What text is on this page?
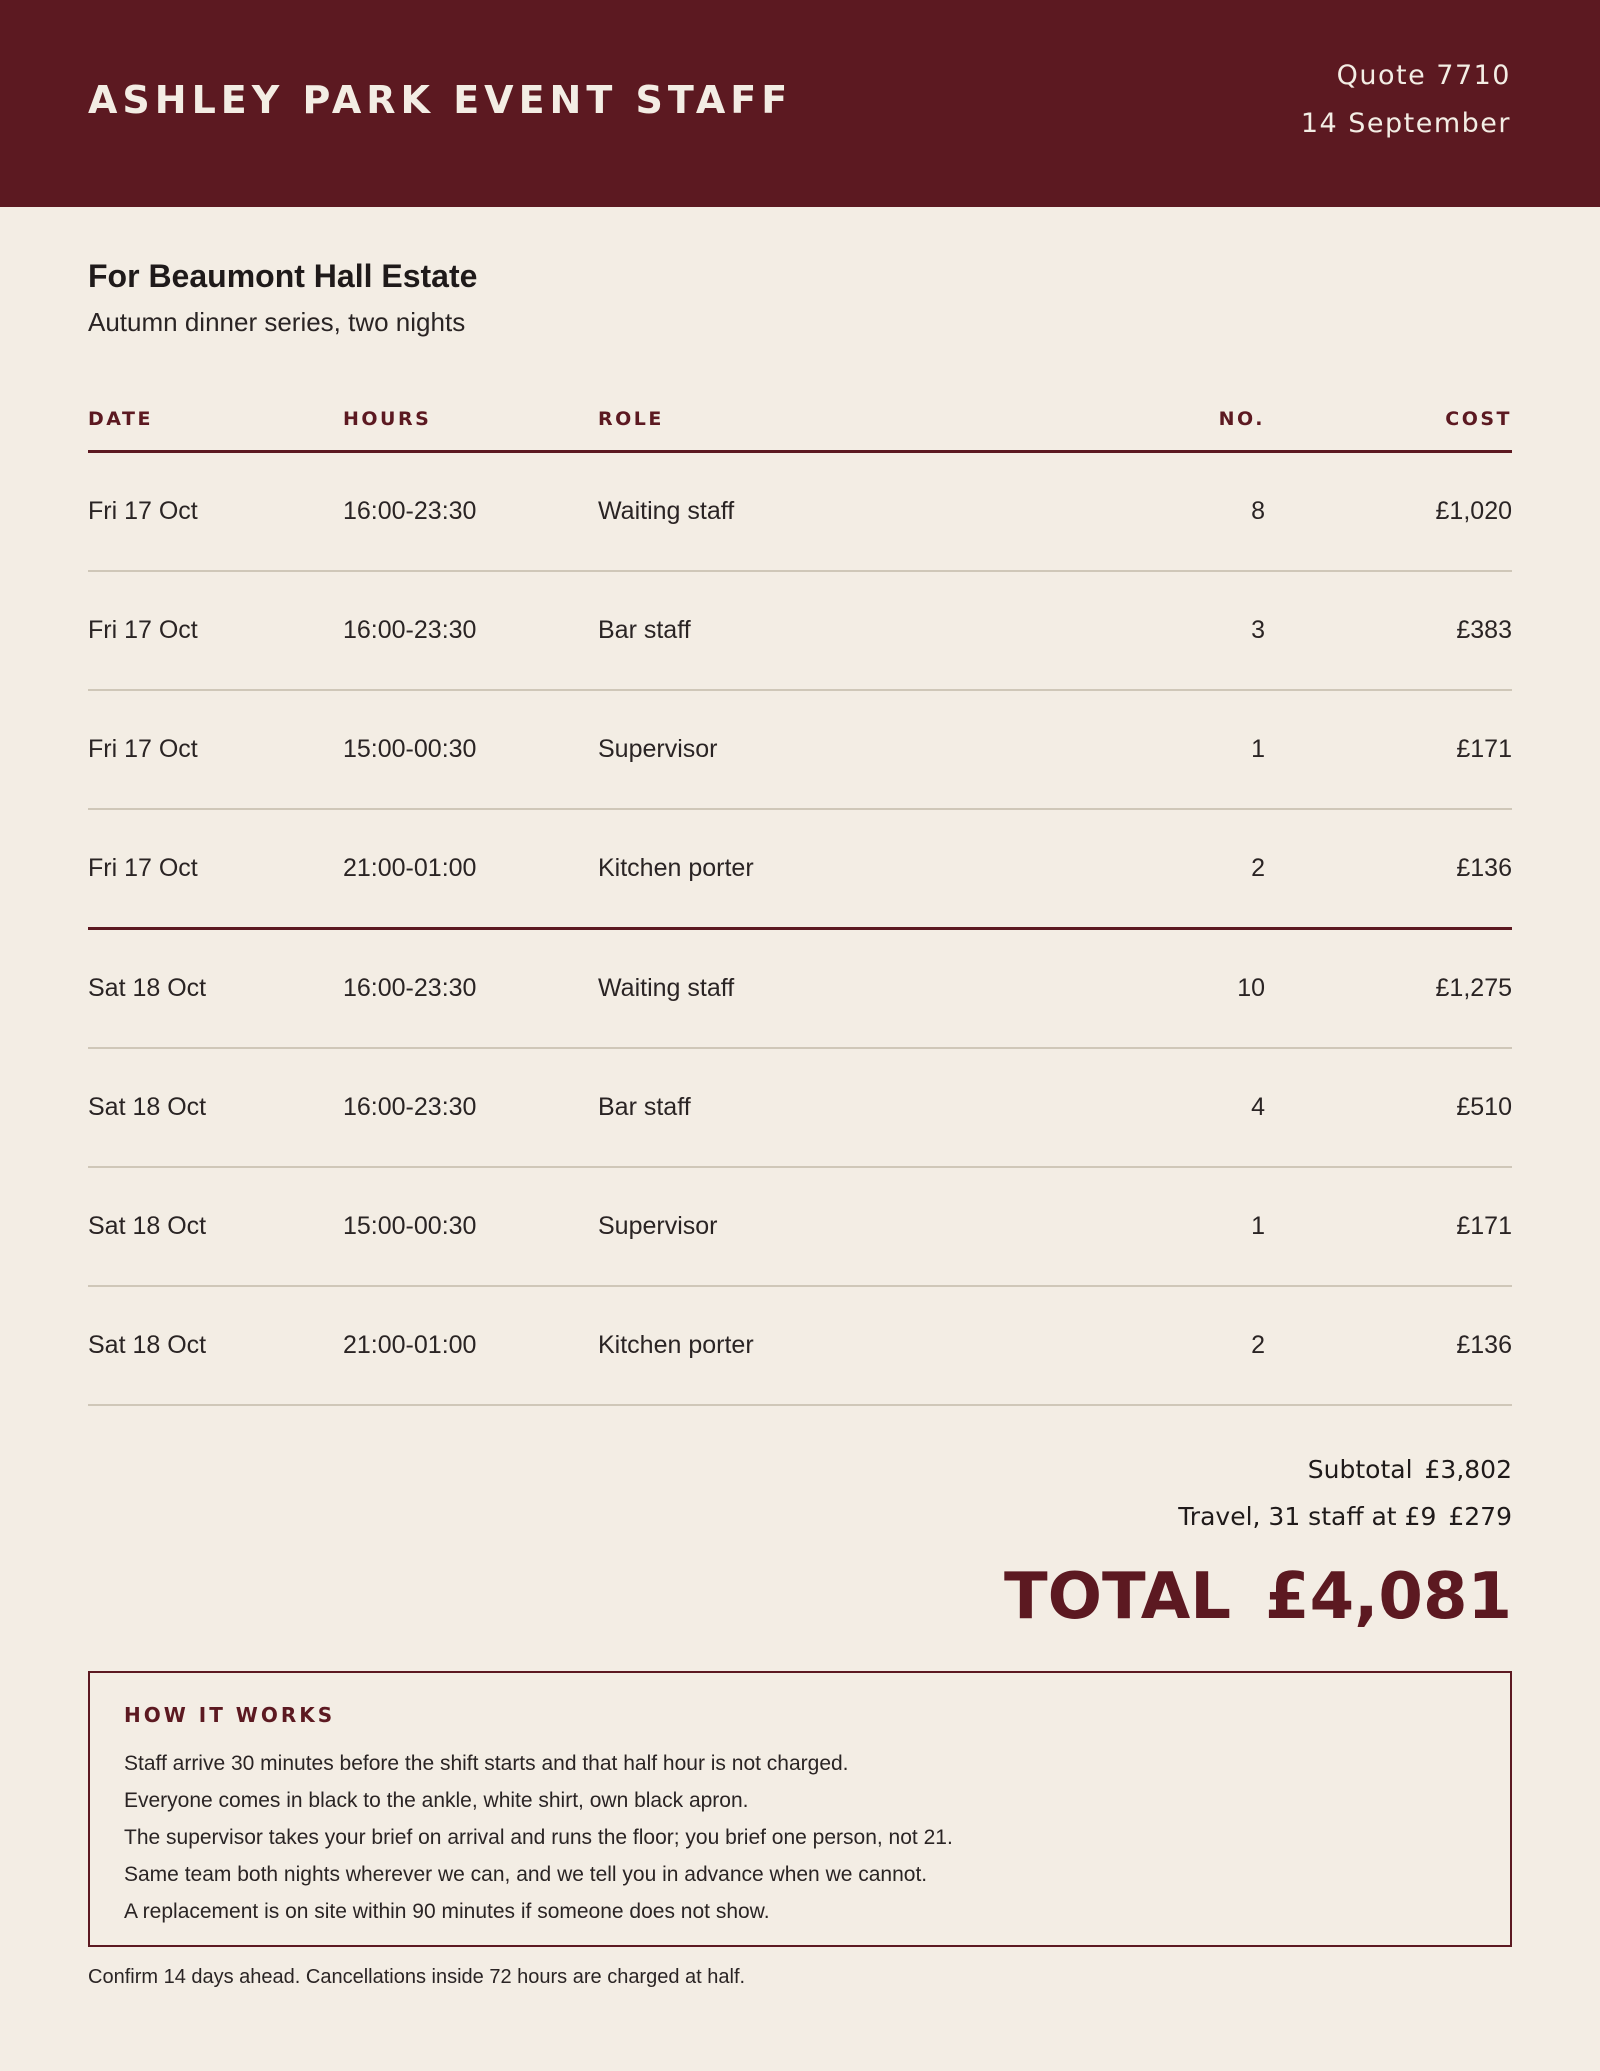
ASHLEY PARK EVENT STAFF
Quote 7710
14 September
For Beaumont Hall Estate
Autumn dinner series, two nights
DATE	HOURS	ROLE	NO.	COST
Fri 17 Oct	16:00-23:30	Waiting staff	8	£1,020
Fri 17 Oct	16:00-23:30	Bar staff	3	£383
Fri 17 Oct	15:00-00:30	Supervisor	1	£171
Fri 17 Oct	21:00-01:00	Kitchen porter	2	£136
Sat 18 Oct	16:00-23:30	Waiting staff	10	£1,275
Sat 18 Oct	16:00-23:30	Bar staff	4	£510
Sat 18 Oct	15:00-00:30	Supervisor	1	£171
Sat 18 Oct	21:00-01:00	Kitchen porter	2	£136
Subtotal £3,802
Travel, 31 staff at £9 £279
TOTAL £4,081
HOW IT WORKS
Staff arrive 30 minutes before the shift starts and that half hour is not charged.
Everyone comes in black to the ankle, white shirt, own black apron.
The supervisor takes your brief on arrival and runs the floor; you brief one person, not 21.
Same team both nights wherever we can, and we tell you in advance when we cannot.
A replacement is on site within 90 minutes if someone does not show.
Confirm 14 days ahead. Cancellations inside 72 hours are charged at half.
